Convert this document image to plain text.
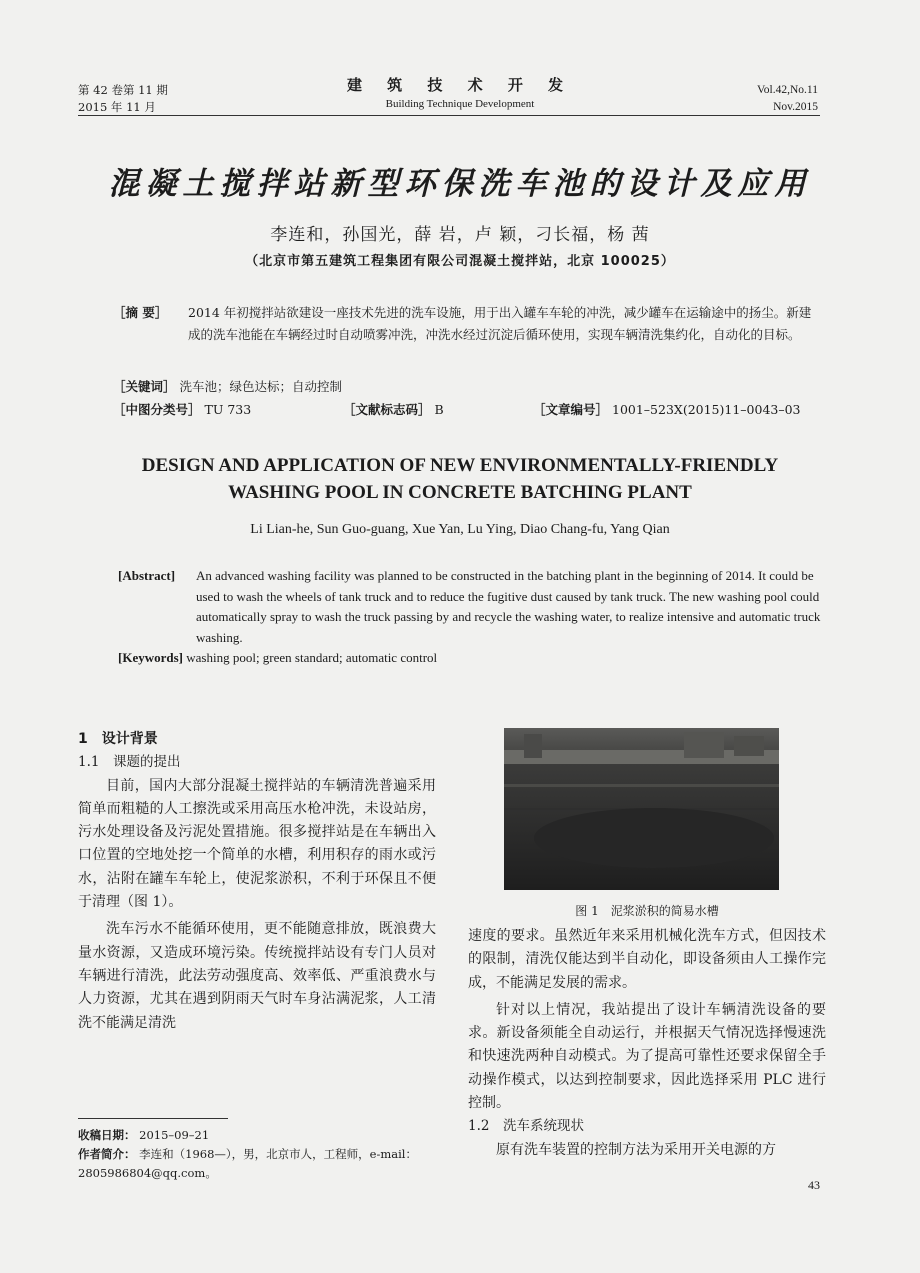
第 42 卷第 11 期
2015 年 11 月
建 筑 技 术 开 发
Building Technique Development
Vol.42,No.11
Nov.2015
混凝土搅拌站新型环保洗车池的设计及应用
李连和，孙国光，薛 岩，卢 颖，刁长福，杨 茜
（北京市第五建筑工程集团有限公司混凝土搅拌站，北京 100025）
［摘 要］ 2014 年初搅拌站欲建设一座技术先进的洗车设施，用于出入罐车车轮的冲洗，减少罐车在运输途中的扬尘。新建成的洗车池能在车辆经过时自动喷雾冲洗，冲洗水经过沉淀后循环使用，实现车辆清洗集约化，自动化的目标。
［关键词］ 洗车池；绿色达标；自动控制
［中图分类号］ TU 733	［文献标志码］ B	［文章编号］ 1001–523X(2015)11–0043–03
DESIGN AND APPLICATION OF NEW ENVIRONMENTALLY-FRIENDLY
WASHING POOL IN CONCRETE BATCHING PLANT
Li Lian-he, Sun Guo-guang, Xue Yan, Lu Ying, Diao Chang-fu, Yang Qian
[Abstract] An advanced washing facility was planned to be constructed in the batching plant in the beginning of 2014. It could be used to wash the wheels of tank truck and to reduce the fugitive dust caused by tank truck. The new washing pool could automatically spray to wash the truck passing by and recycle the washing water, to realize intensive and automatic truck washing.
[Keywords] washing pool; green standard; automatic control
1　设计背景
1.1　课题的提出
目前，国内大部分混凝土搅拌站的车辆清洗普遍采用简单而粗糙的人工擦洗或采用高压水枪冲洗，未设站房，污水处理设备及污泥处置措施。很多搅拌站是在车辆出入口位置的空地处挖一个简单的水槽，利用积存的雨水或污水，沾附在罐车车轮上，使泥浆淤积，不利于环保且不便于清理（图 1）。
洗车污水不能循环使用，更不能随意排放，既浪费大量水资源，又造成环境污染。传统搅拌站设有专门人员对车辆进行清洗，此法劳动强度高、效率低、严重浪费水与人力资源，尤其在遇到阴雨天气时车身沾满泥浆，人工清洗不能满足清洗
图 1　泥浆淤积的简易水槽
速度的要求。虽然近年来采用机械化洗车方式，但因技术的限制，清洗仅能达到半自动化，即设备须由人工操作完成，不能满足发展的需求。
针对以上情况，我站提出了设计车辆清洗设备的要求。新设备须能全自动运行，并根据天气情况选择慢速洗和快速洗两种自动模式。为了提高可靠性还要求保留全手动操作模式，以达到控制要求，因此选择采用 PLC 进行控制。
1.2　洗车系统现状
原有洗车装置的控制方法为采用开关电源的方
收稿日期： 2015–09–21
作者简介： 李连和（1968—），男，北京市人，工程师，e-mail：2805986804@qq.com。
43
